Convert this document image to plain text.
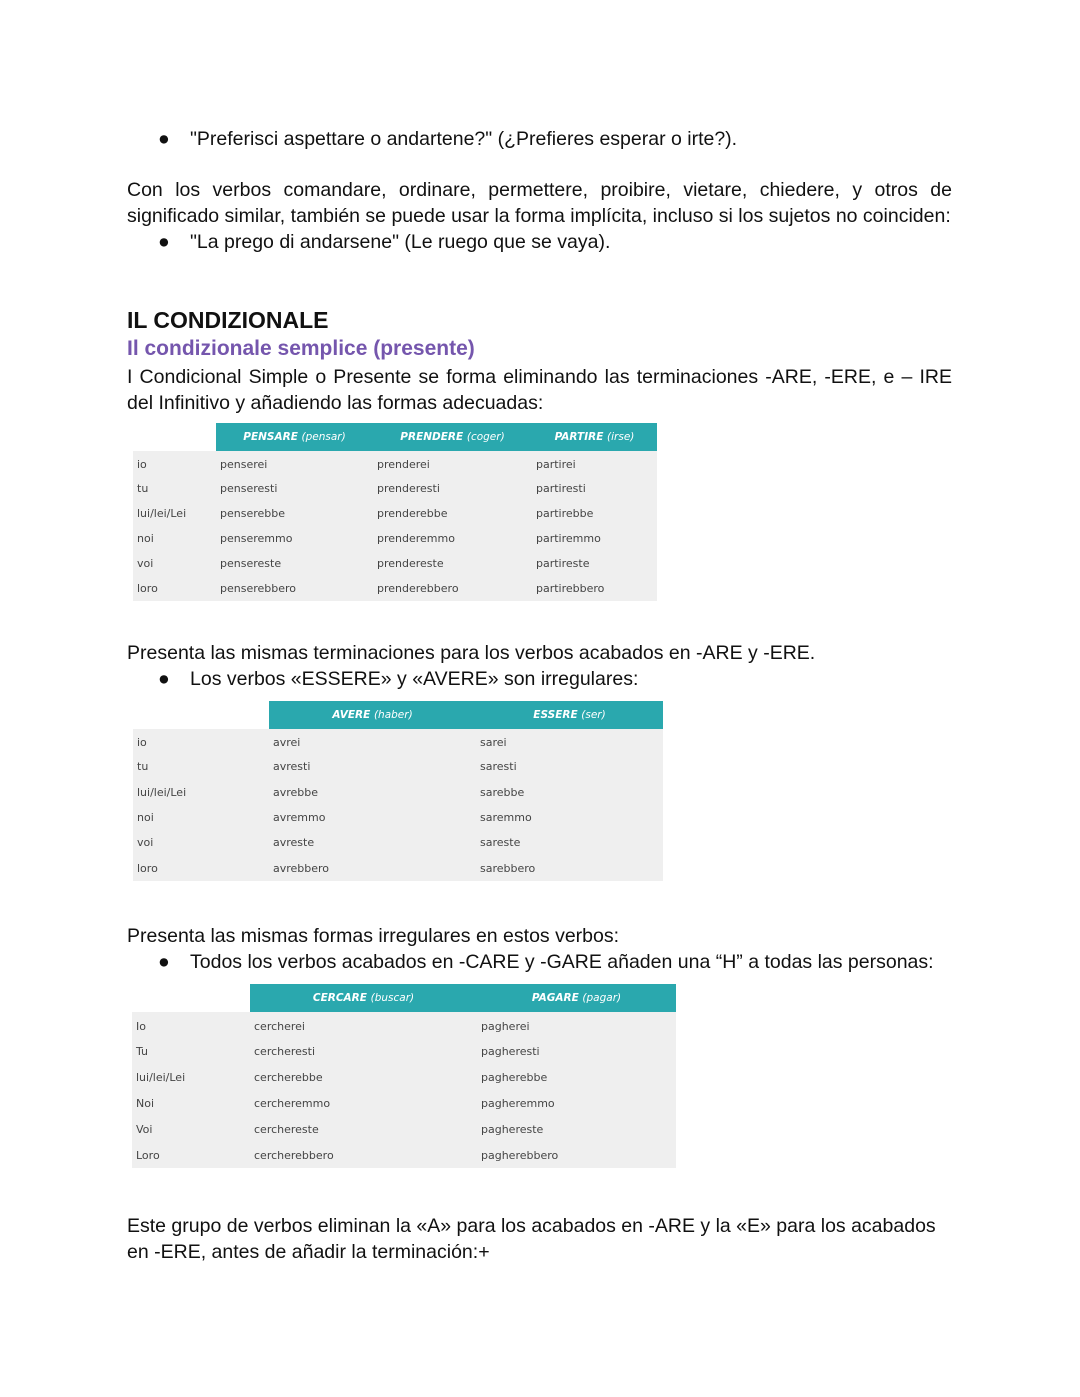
●	"Preferisci aspettare o andartene?" (¿Prefieres esperar o irte?).
Con los verbos comandare, ordinare, permettere, proibire, vietare, chiedere, y otros de significado similar, también se puede usar la forma implícita, incluso si los sujetos no coinciden:
●	"La prego di andarsene" (Le ruego que se vaya).
IL CONDIZIONALE
Il condizionale semplice (presente)
I Condicional Simple o Presente se forma eliminando las terminaciones -ARE, -ERE, e – IRE del Infinitivo y añadiendo las formas adecuadas:
	PENSARE (pensar)	PRENDERE (coger)	PARTIRE (irse)
io	penserei	prenderei	partirei
tu	penseresti	prenderesti	partiresti
lui/lei/Lei	penserebbe	prenderebbe	partirebbe
noi	penseremmo	prenderemmo	partiremmo
voi	pensereste	prendereste	partireste
loro	penserebbero	prenderebbero	partirebbero
Presenta las mismas terminaciones para los verbos acabados en -ARE y -ERE.
●	Los verbos «ESSERE» y «AVERE» son irregulares:
	AVERE (haber)	ESSERE (ser)
io	avrei	sarei
tu	avresti	saresti
lui/lei/Lei	avrebbe	sarebbe
noi	avremmo	saremmo
voi	avreste	sareste
loro	avrebbero	sarebbero
Presenta las mismas formas irregulares en estos verbos:
●	Todos los verbos acabados en -CARE y -GARE añaden una “H” a todas las personas:
	CERCARE (buscar)	PAGARE (pagar)
Io	cercherei	pagherei
Tu	cercheresti	pagheresti
lui/lei/Lei	cercherebbe	pagherebbe
Noi	cercheremmo	pagheremmo
Voi	cerchereste	paghereste
Loro	cercherebbero	pagherebbero
Este grupo de verbos eliminan la «A» para los acabados en -ARE y la «E» para los acabados en -ERE, antes de añadir la terminación:+
